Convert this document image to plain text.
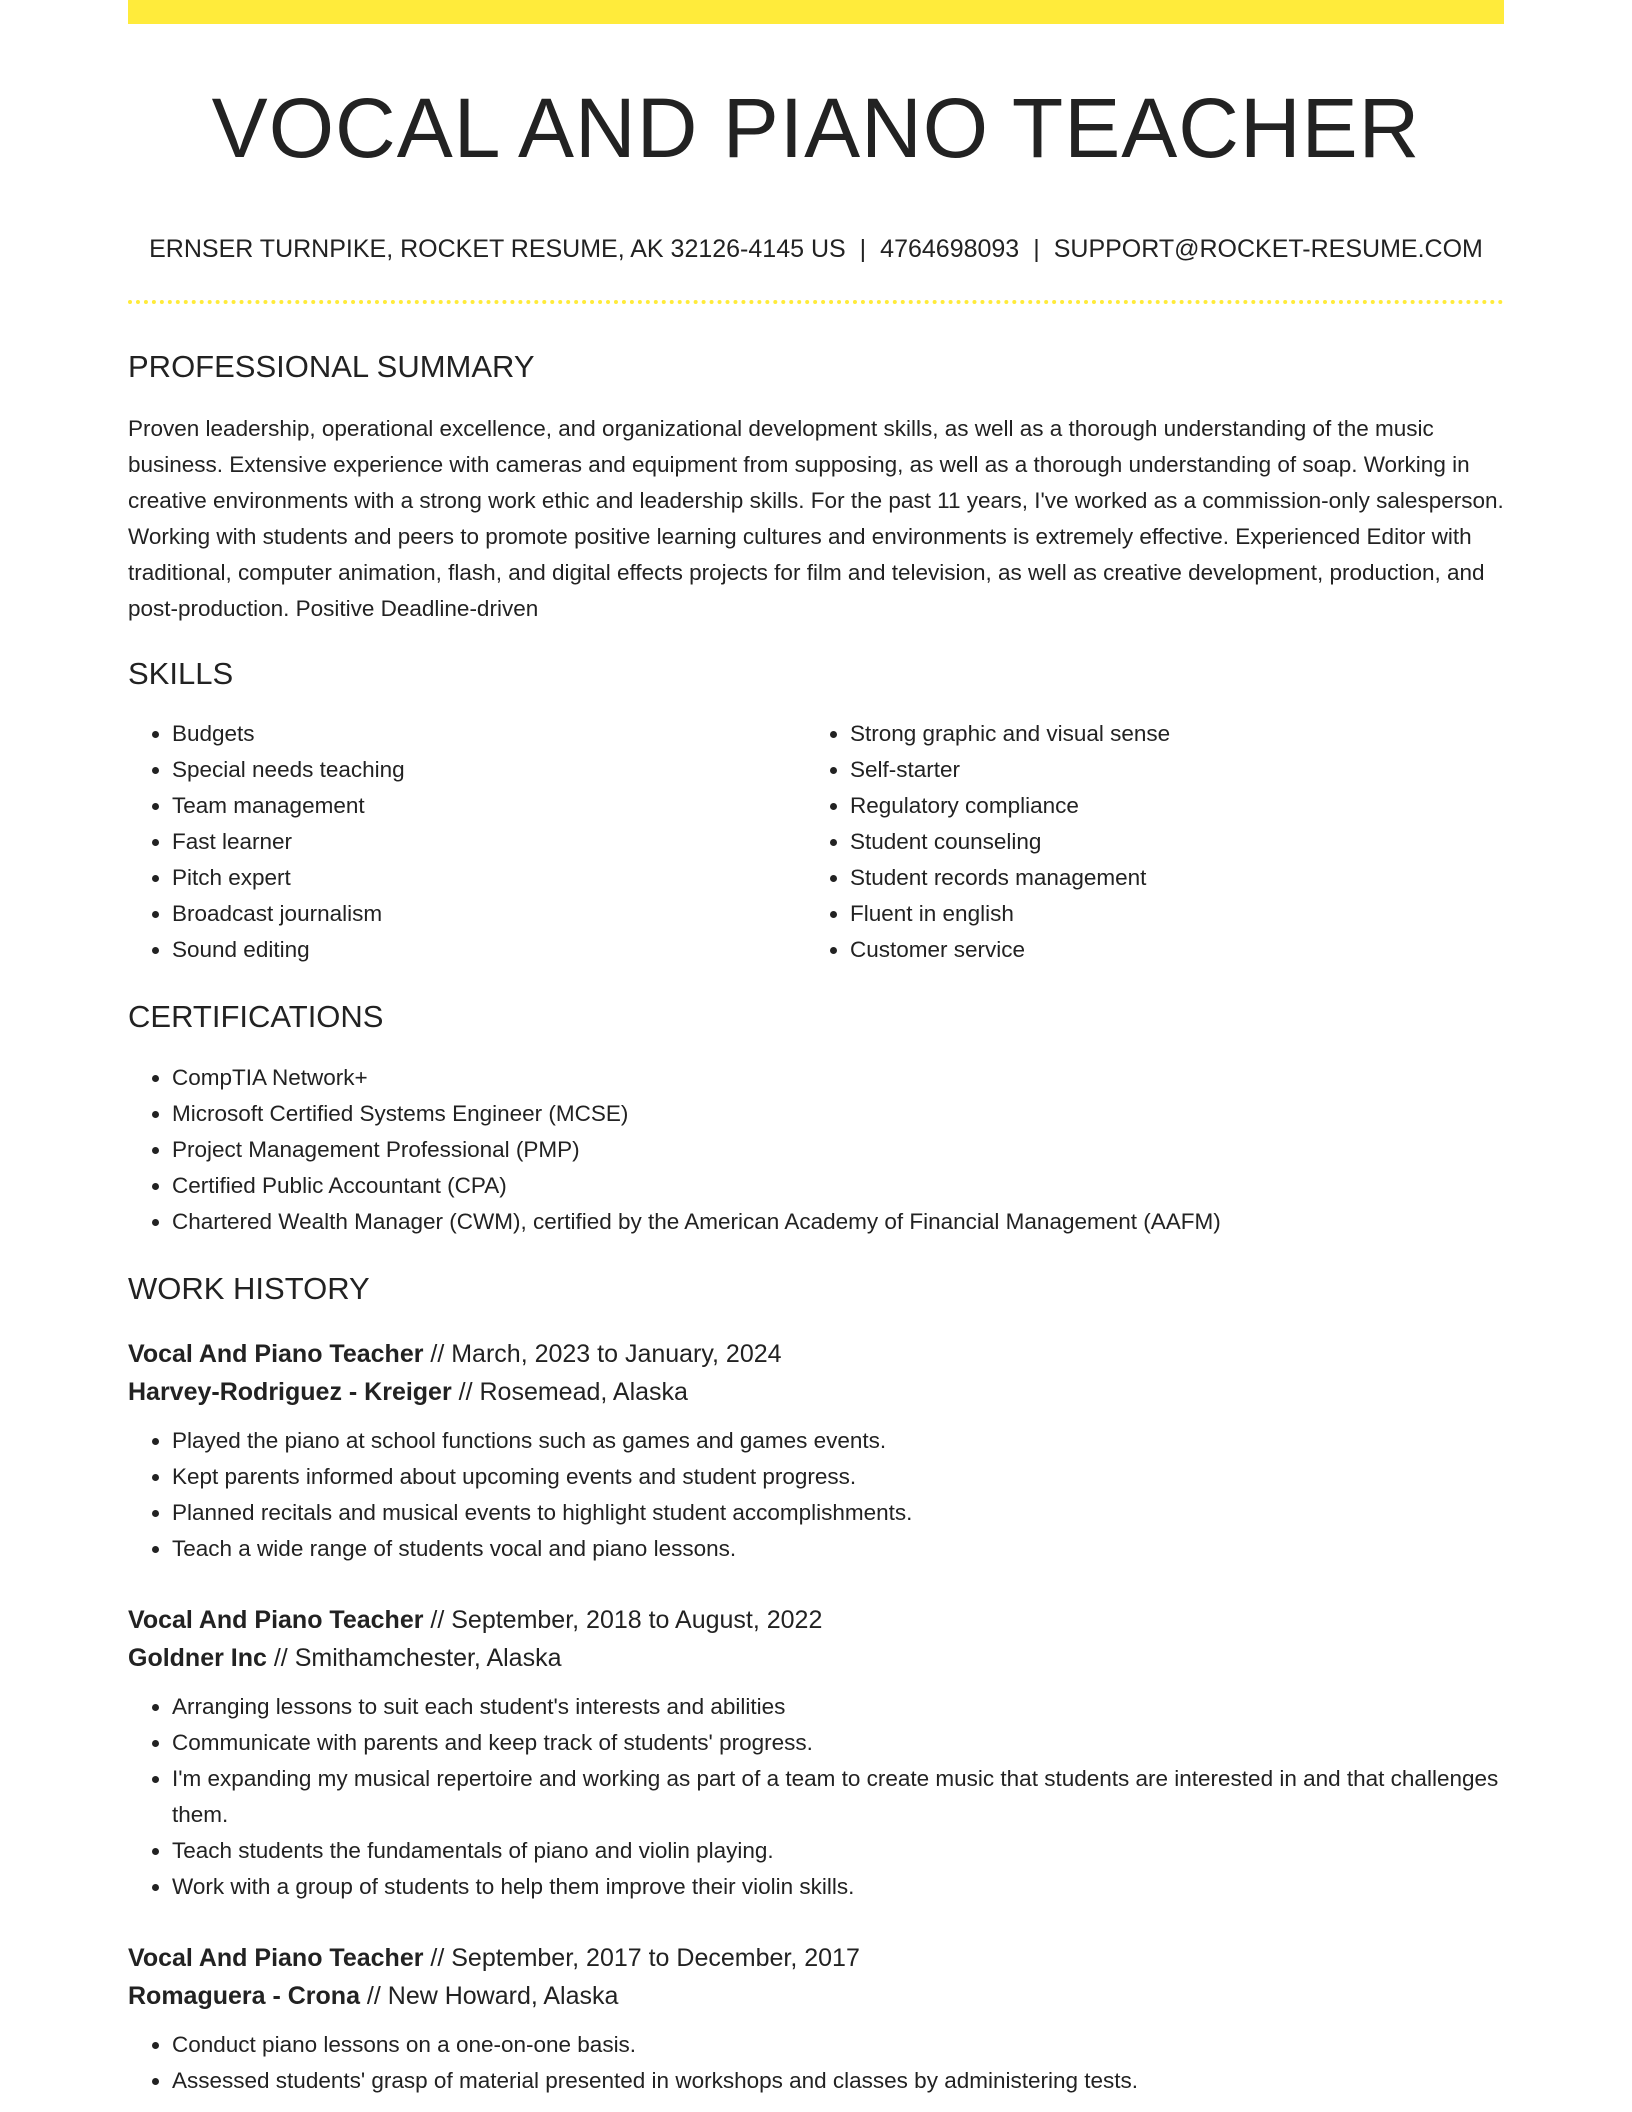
VOCAL AND PIANO TEACHER
ERNSER TURNPIKE, ROCKET RESUME, AK 32126-4145 US | 4764698093 | SUPPORT@ROCKET-RESUME.COM
PROFESSIONAL SUMMARY
Proven leadership, operational excellence, and organizational development skills, as well as a thorough understanding of the music business. Extensive experience with cameras and equipment from supposing, as well as a thorough understanding of soap. Working in creative environments with a strong work ethic and leadership skills. For the past 11 years, I've worked as a commission-only salesperson. Working with students and peers to promote positive learning cultures and environments is extremely effective. Experienced Editor with traditional, computer animation, flash, and digital effects projects for film and television, as well as creative development, production, and post-production. Positive Deadline-driven
SKILLS
• Budgets
• Special needs teaching
• Team management
• Fast learner
• Pitch expert
• Broadcast journalism
• Sound editing
• Strong graphic and visual sense
• Self-starter
• Regulatory compliance
• Student counseling
• Student records management
• Fluent in english
• Customer service
CERTIFICATIONS
• CompTIA Network+
• Microsoft Certified Systems Engineer (MCSE)
• Project Management Professional (PMP)
• Certified Public Accountant (CPA)
• Chartered Wealth Manager (CWM), certified by the American Academy of Financial Management (AAFM)
WORK HISTORY
Vocal And Piano Teacher // March, 2023 to January, 2024
Harvey-Rodriguez - Kreiger // Rosemead, Alaska
• Played the piano at school functions such as games and games events.
• Kept parents informed about upcoming events and student progress.
• Planned recitals and musical events to highlight student accomplishments.
• Teach a wide range of students vocal and piano lessons.
Vocal And Piano Teacher // September, 2018 to August, 2022
Goldner Inc // Smithamchester, Alaska
• Arranging lessons to suit each student's interests and abilities
• Communicate with parents and keep track of students' progress.
• I'm expanding my musical repertoire and working as part of a team to create music that students are interested in and that challenges them.
• Teach students the fundamentals of piano and violin playing.
• Work with a group of students to help them improve their violin skills.
Vocal And Piano Teacher // September, 2017 to December, 2017
Romaguera - Crona // New Howard, Alaska
• Conduct piano lessons on a one-on-one basis.
• Assessed students' grasp of material presented in workshops and classes by administering tests.
